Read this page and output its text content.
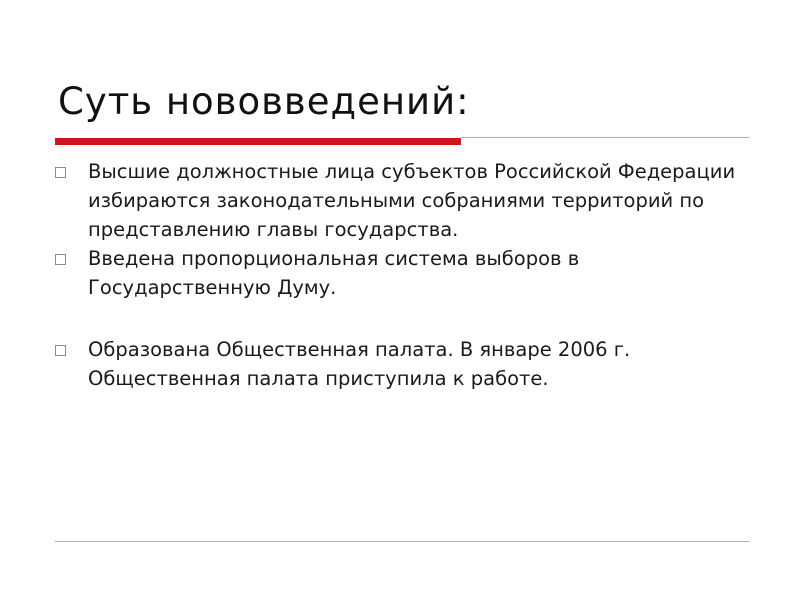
Суть нововведений:
Высшие должностные лица субъектов Российской Федерации избираются законодательными собраниями территорий по представлению главы государства.
Введена пропорциональная система выборов в Государственную Думу.
Образована Общественная палата. В январе 2006 г. Общественная палата приступила к работе.
